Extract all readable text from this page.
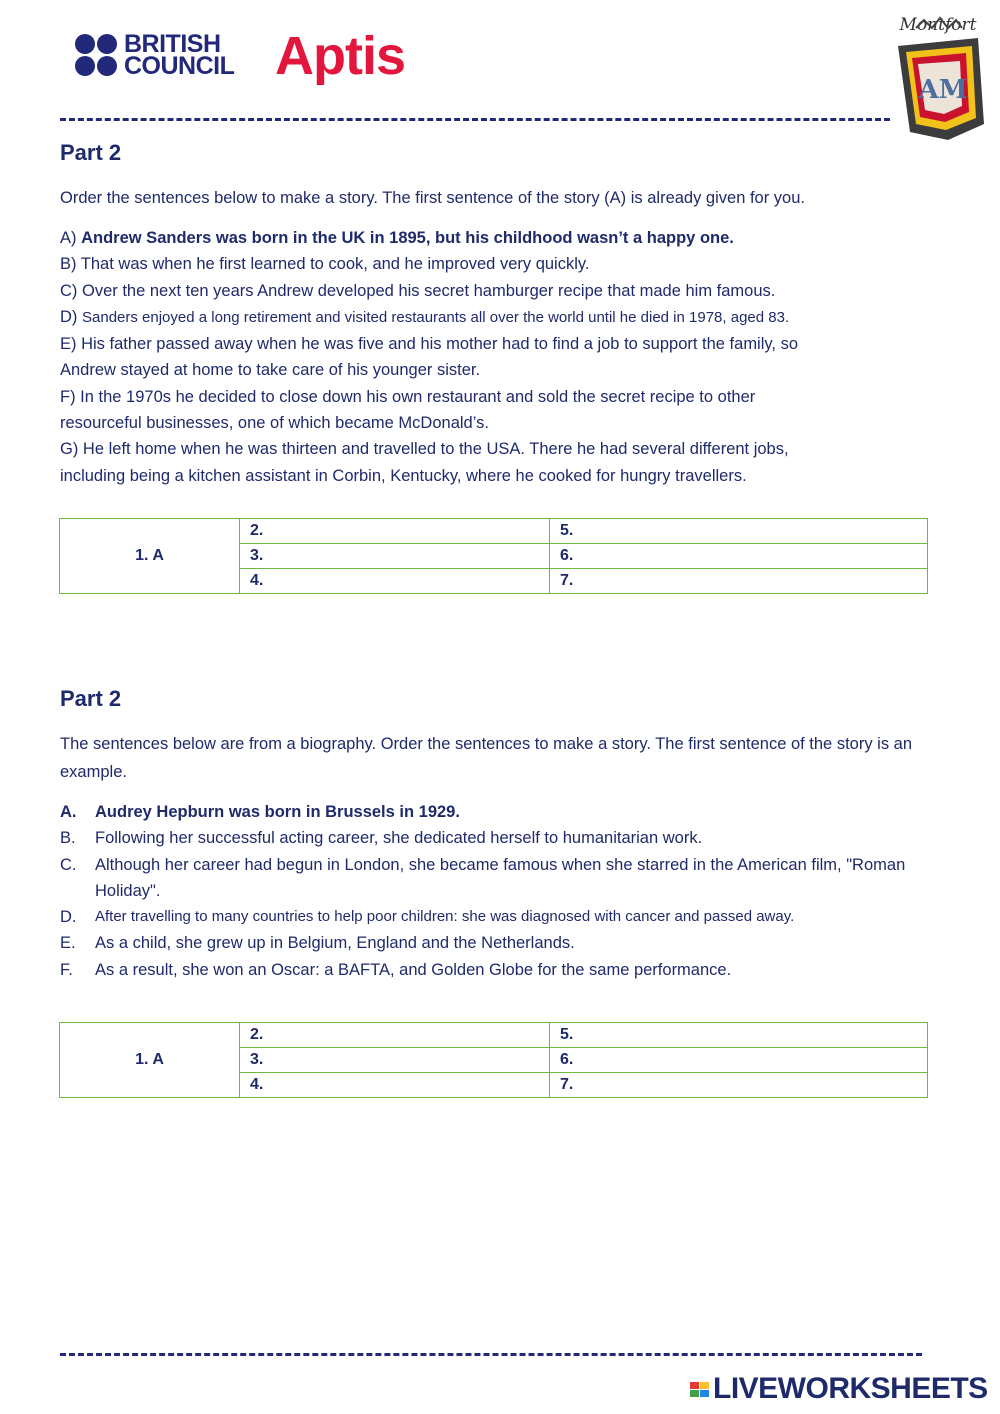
BRITISH
COUNCIL Aptis
Montfort
AM
Part 2

Order the sentences below to make a story. The first sentence of the story (A) is already given for you.

A) Andrew Sanders was born in the UK in 1895, but his childhood wasn’t a happy one.
B) That was when he first learned to cook, and he improved very quickly.
C) Over the next ten years Andrew developed his secret hamburger recipe that made him famous.
D) Sanders enjoyed a long retirement and visited restaurants all over the world until he died in 1978, aged 83.
E) His father passed away when he was five and his mother had to find a job to support the family, so
Andrew stayed at home to take care of his younger sister.
F) In the 1970s he decided to close down his own restaurant and sold the secret recipe to other
resourceful businesses, one of which became McDonald’s.
G) He left home when he was thirteen and travelled to the USA. There he had several different jobs,
including being a kitchen assistant in Corbin, Kentucky, where he cooked for hungry travellers.
1. A	2.	5.
	3.	6.
	4.	7.
Part 2

The sentences below are from a biography. Order the sentences to make a story. The first sentence of the story is an example.

A.	Audrey Hepburn was born in Brussels in 1929.
B.	Following her successful acting career, she dedicated herself to humanitarian work.
C.	Although her career had begun in London, she became famous when she starred in the American film, "Roman Holiday".
D.	After travelling to many countries to help poor children: she was diagnosed with cancer and passed away.
E.	As a child, she grew up in Belgium, England and the Netherlands.
F.	As a result, she won an Oscar: a BAFTA, and Golden Globe for the same performance.
1. A	2.	5.
	3.	6.
	4.	7.
LIVEWORKSHEETS
